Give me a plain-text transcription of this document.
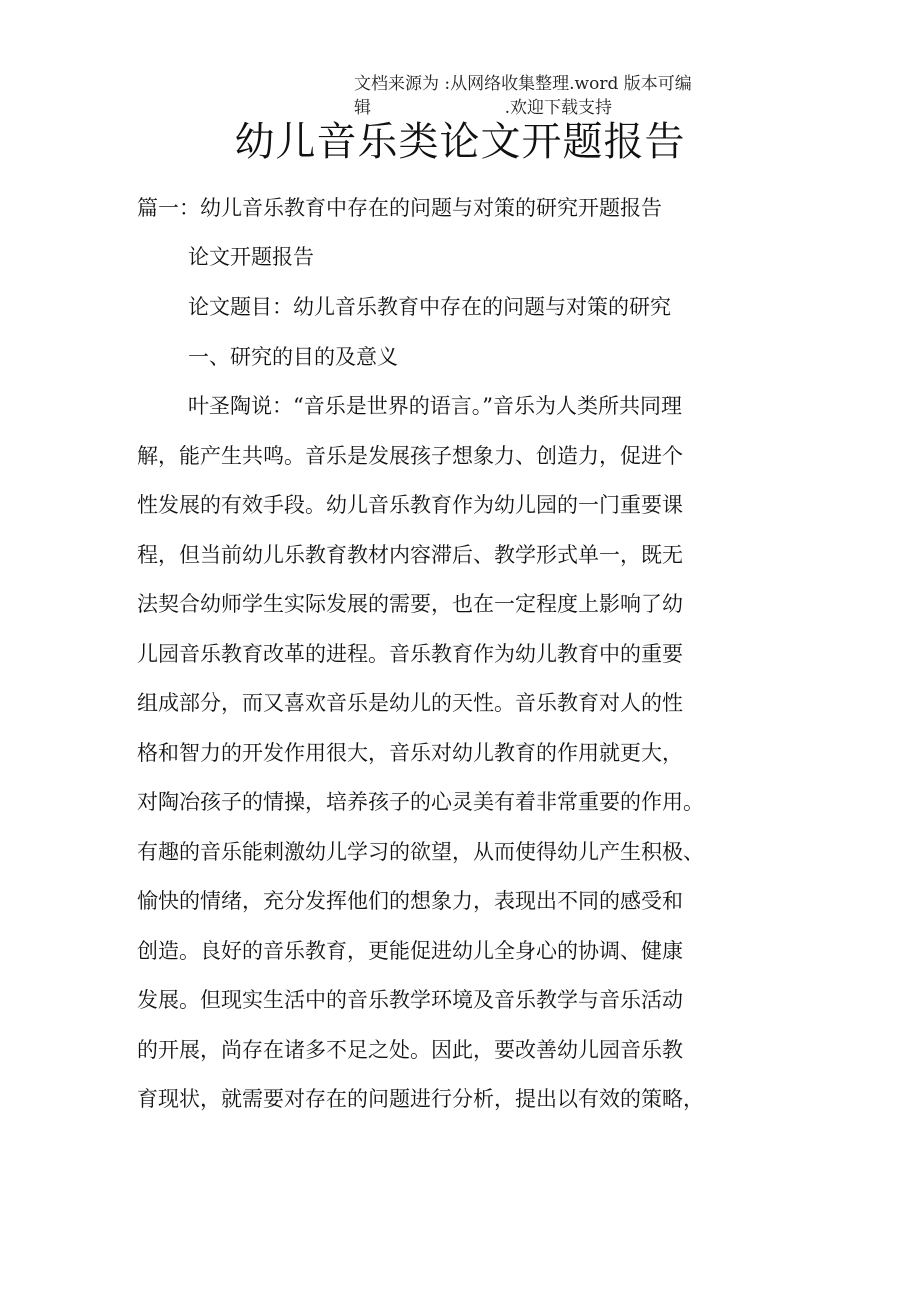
文档来源为 :从网络收集整理.word 版本可编
辑	.欢迎下载支持
幼儿音乐类论文开题报告
篇一：幼儿音乐教育中存在的问题与对策的研究开题报告
论文开题报告
论文题目：幼儿音乐教育中存在的问题与对策的研究
一、研究的目的及意义
叶圣陶说：“音乐是世界的语言。”音乐为人类所共同理
解，能产生共鸣。音乐是发展孩子想象力、创造力，促进个
性发展的有效手段。幼儿音乐教育作为幼儿园的一门重要课
程，但当前幼儿乐教育教材内容滞后、教学形式单一，既无
法契合幼师学生实际发展的需要，也在一定程度上影响了幼
儿园音乐教育改革的进程。音乐教育作为幼儿教育中的重要
组成部分，而又喜欢音乐是幼儿的天性。音乐教育对人的性
格和智力的开发作用很大，音乐对幼儿教育的作用就更大，
对陶冶孩子的情操，培养孩子的心灵美有着非常重要的作用。
有趣的音乐能刺激幼儿学习的欲望，从而使得幼儿产生积极、
愉快的情绪，充分发挥他们的想象力，表现出不同的感受和
创造。良好的音乐教育，更能促进幼儿全身心的协调、健康
发展。但现实生活中的音乐教学环境及音乐教学与音乐活动
的开展，尚存在诸多不足之处。因此，要改善幼儿园音乐教
育现状，就需要对存在的问题进行分析，提出以有效的策略，
